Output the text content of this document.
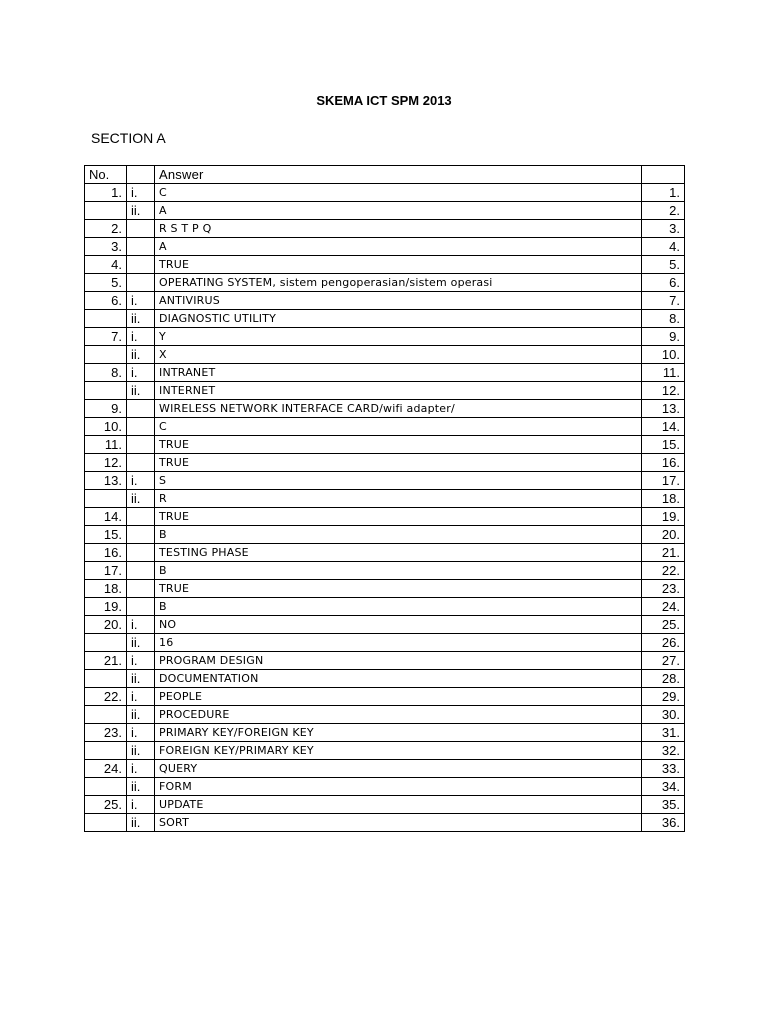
SKEMA ICT SPM 2013
SECTION A
No.		Answer	
1.	i.	C	1.
	ii.	A	2.
2.		R S T P Q	3.
3.		A	4.
4.		TRUE	5.
5.		OPERATING SYSTEM, sistem pengoperasian/sistem operasi	6.
6.	i.	ANTIVIRUS	7.
	ii.	DIAGNOSTIC UTILITY	8.
7.	i.	Y	9.
	ii.	X	10.
8.	i.	INTRANET	11.
	ii.	INTERNET	12.
9.		WIRELESS NETWORK INTERFACE CARD/wifi adapter/	13.
10.		C	14.
11.		TRUE	15.
12.		TRUE	16.
13.	i.	S	17.
	ii.	R	18.
14.		TRUE	19.
15.		B	20.
16.		TESTING PHASE	21.
17.		B	22.
18.		TRUE	23.
19.		B	24.
20.	i.	NO	25.
	ii.	16	26.
21.	i.	PROGRAM DESIGN	27.
	ii.	DOCUMENTATION	28.
22.	i.	PEOPLE	29.
	ii.	PROCEDURE	30.
23.	i.	PRIMARY KEY/FOREIGN KEY	31.
	ii.	FOREIGN KEY/PRIMARY KEY	32.
24.	i.	QUERY	33.
	ii.	FORM	34.
25.	i.	UPDATE	35.
	ii.	SORT	36.
